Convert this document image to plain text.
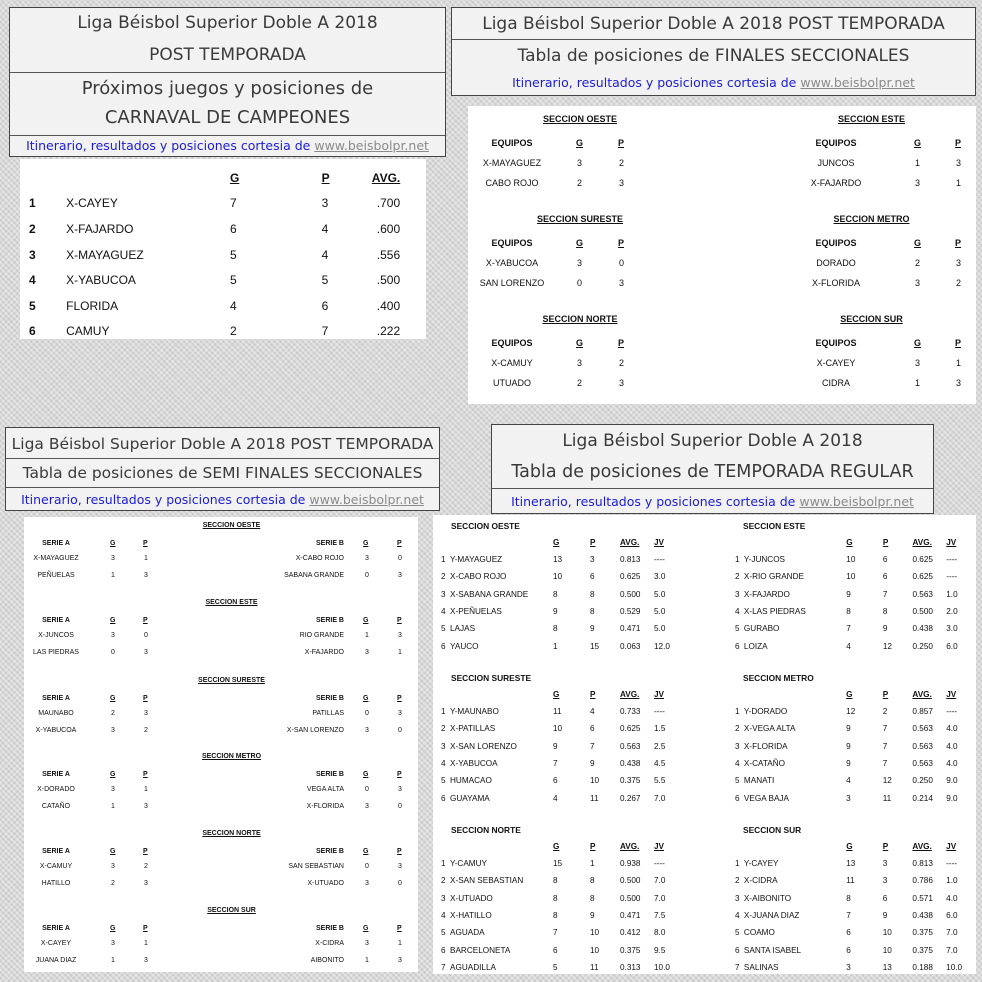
Liga Béisbol Superior Doble A 2018
POST TEMPORADA
Próximos juegos y posiciones de
CARNAVAL DE CAMPEONES
Itinerario, resultados y posiciones cortesia de www.beisbolpr.net
		G	P	AVG.
1	X-CAYEY	7	3	.700
2	X-FAJARDO	6	4	.600
3	X-MAYAGUEZ	5	4	.556
4	X-YABUCOA	5	5	.500
5	FLORIDA	4	6	.400
6	CAMUY	2	7	.222
Liga Béisbol Superior Doble A 2018 POST TEMPORADA
Tabla de posiciones de FINALES SECCIONALES
Itinerario, resultados y posiciones cortesia de www.beisbolpr.net
SECCION OESTE
EQUIPOS	G	P
X-MAYAGUEZ	3	2
CABO ROJO	2	3
SECCION ESTE
EQUIPOS	G	P
JUNCOS	1	3
X-FAJARDO	3	1
SECCION SURESTE
EQUIPOS	G	P
X-YABUCOA	3	0
SAN LORENZO	0	3
SECCION METRO
EQUIPOS	G	P
DORADO	2	3
X-FLORIDA	3	2
SECCION NORTE
EQUIPOS	G	P
X-CAMUY	3	2
UTUADO	2	3
SECCION SUR
EQUIPOS	G	P
X-CAYEY	3	1
CIDRA	1	3
Liga Béisbol Superior Doble A 2018 POST TEMPORADA
Tabla de posiciones de SEMI FINALES SECCIONALES
Itinerario, resultados y posiciones cortesia de www.beisbolpr.net
SECCION OESTE
SERIE A	G	P	SERIE B	G	P
X-MAYAGUEZ	3	1	X-CABO ROJO	3	0
PEÑUELAS	1	3	SABANA GRANDE	0	3
SECCION ESTE
SERIE A	G	P	SERIE B	G	P
X-JUNCOS	3	0	RIO GRANDE	1	3
LAS PIEDRAS	0	3	X-FAJARDO	3	1
SECCION SURESTE
SERIE A	G	P	SERIE B	G	P
MAUNABO	2	3	PATILLAS	0	3
X-YABUCOA	3	2	X-SAN LORENZO	3	0
SECCION METRO
SERIE A	G	P	SERIE B	G	P
X-DORADO	3	1	VEGA ALTA	0	3
CATAÑO	1	3	X-FLORIDA	3	0
SECCION NORTE
SERIE A	G	P	SERIE B	G	P
X-CAMUY	3	2	SAN SEBASTIAN	0	3
HATILLO	2	3	X-UTUADO	3	0
SECCION SUR
SERIE A	G	P	SERIE B	G	P
X-CAYEY	3	1	X-CIDRA	3	1
JUANA DIAZ	1	3	AIBONITO	1	3
Liga Béisbol Superior Doble A 2018
Tabla de posiciones de TEMPORADA REGULAR
Itinerario, resultados y posiciones cortesia de www.beisbolpr.net
SECCION OESTE					
		G	P	AVG.	JV
1	Y-MAYAGUEZ	13	3	0.813	----
2	X-CABO ROJO	10	6	0.625	3.0
3	X-SABANA GRANDE	8	8	0.500	5.0
4	X-PEÑUELAS	9	8	0.529	5.0
5	LAJAS	8	9	0.471	5.0
6	YAUCO	1	15	0.063	12.0
SECCION ESTE					
		G	P	AVG.	JV
1	Y-JUNCOS	10	6	0.625	----
2	X-RIO GRANDE	10	6	0.625	----
3	X-FAJARDO	9	7	0.563	1.0
4	X-LAS PIEDRAS	8	8	0.500	2.0
5	GURABO	7	9	0.438	3.0
6	LOIZA	4	12	0.250	6.0
SECCION SURESTE					
		G	P	AVG.	JV
1	Y-MAUNABO	11	4	0.733	----
2	X-PATILLAS	10	6	0.625	1.5
3	X-SAN LORENZO	9	7	0.563	2.5
4	X-YABUCOA	7	9	0.438	4.5
5	HUMACAO	6	10	0.375	5.5
6	GUAYAMA	4	11	0.267	7.0
SECCION METRO					
		G	P	AVG.	JV
1	Y-DORADO	12	2	0.857	----
2	X-VEGA ALTA	9	7	0.563	4.0
3	X-FLORIDA	9	7	0.563	4.0
4	X-CATAÑO	9	7	0.563	4.0
5	MANATI	4	12	0.250	9.0
6	VEGA BAJA	3	11	0.214	9.0
SECCION NORTE					
		G	P	AVG.	JV
1	Y-CAMUY	15	1	0.938	----
2	X-SAN SEBASTIAN	8	8	0.500	7.0
3	X-UTUADO	8	8	0.500	7.0
4	X-HATILLO	8	9	0.471	7.5
5	AGUADA	7	10	0.412	8.0
6	BARCELONETA	6	10	0.375	9.5
7	AGUADILLA	5	11	0.313	10.0
SECCION SUR					
		G	P	AVG.	JV
1	Y-CAYEY	13	3	0.813	----
2	X-CIDRA	11	3	0.786	1.0
3	X-AIBONITO	8	6	0.571	4.0
4	X-JUANA DIAZ	7	9	0.438	6.0
5	COAMO	6	10	0.375	7.0
6	SANTA ISABEL	6	10	0.375	7.0
7	SALINAS	3	13	0.188	10.0
